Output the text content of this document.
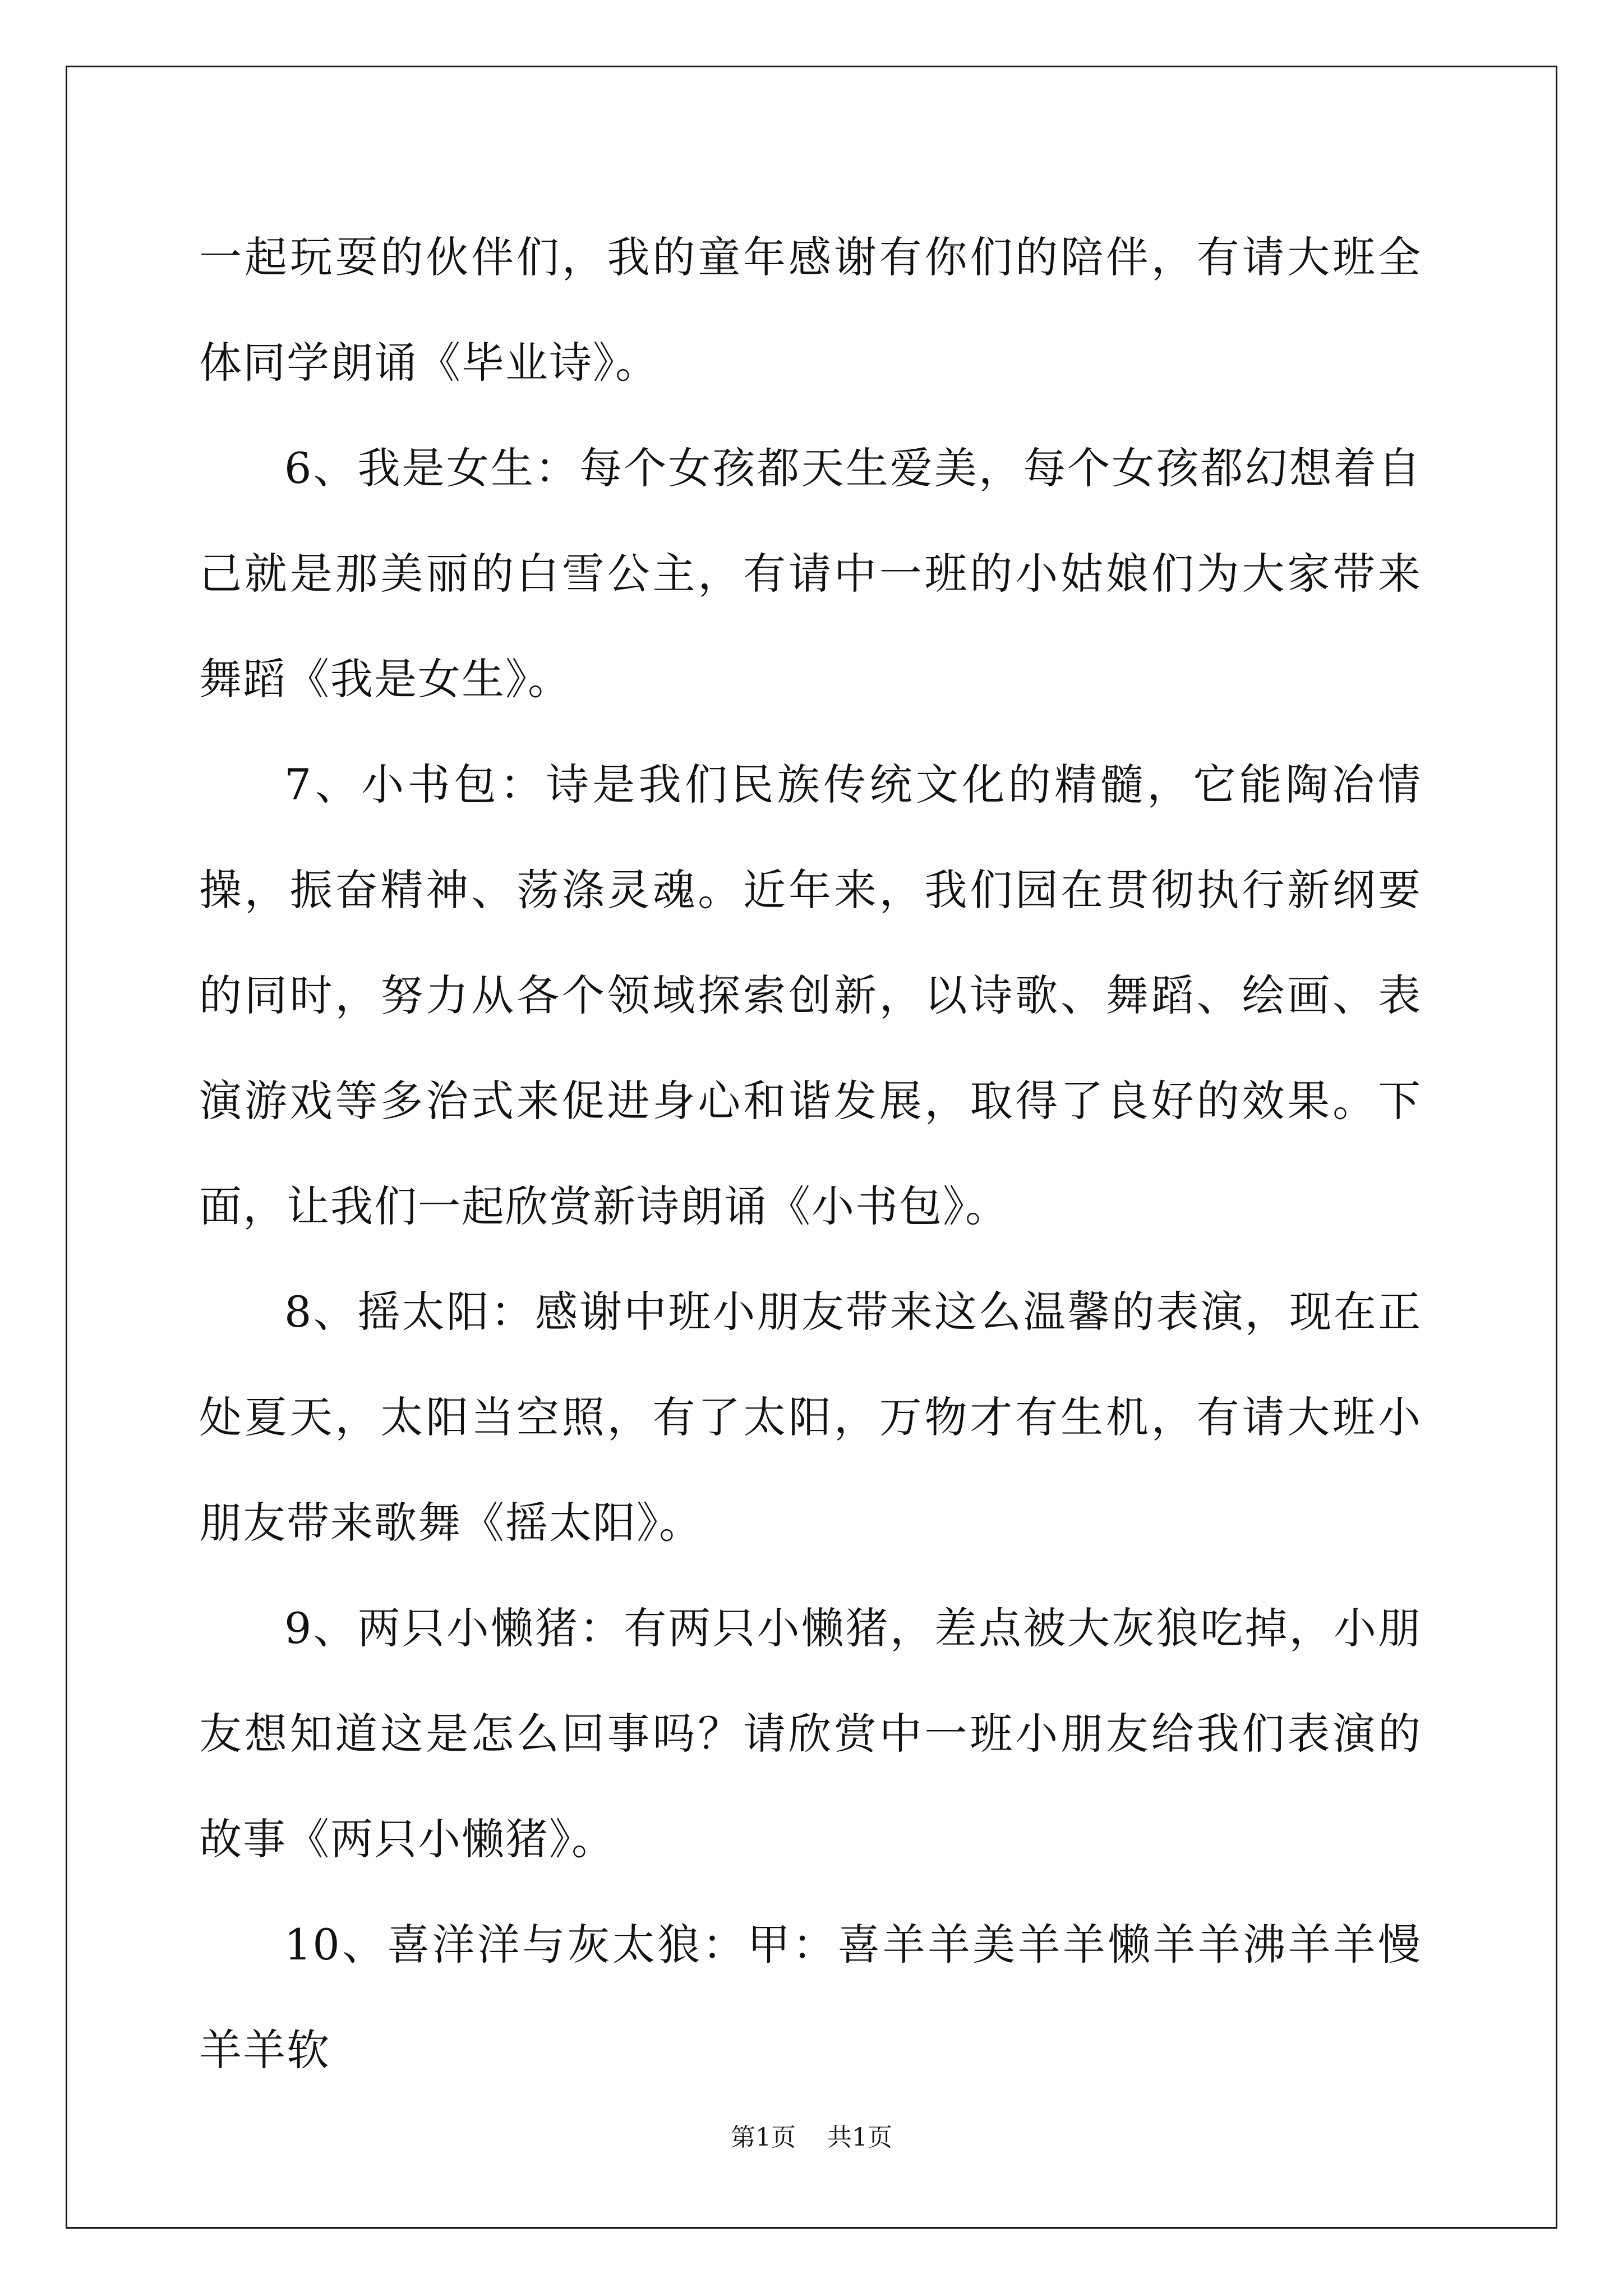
一起玩耍的伙伴们，我的童年感谢有你们的陪伴，有请大班全体同学朗诵《毕业诗》。

6、我是女生：每个女孩都天生爱美，每个女孩都幻想着自己就是那美丽的白雪公主，有请中一班的小姑娘们为大家带来舞蹈《我是女生》。

7、小书包：诗是我们民族传统文化的精髓，它能陶冶情操，振奋精神、荡涤灵魂。近年来，我们园在贯彻执行新纲要的同时，努力从各个领域探索创新，以诗歌、舞蹈、绘画、表演游戏等多治式来促进身心和谐发展，取得了良好的效果。下面，让我们一起欣赏新诗朗诵《小书包》。

8、摇太阳：感谢中班小朋友带来这么温馨的表演，现在正处夏天，太阳当空照，有了太阳，万物才有生机，有请大班小朋友带来歌舞《摇太阳》。

9、两只小懒猪：有两只小懒猪，差点被大灰狼吃掉，小朋友想知道这是怎么回事吗？请欣赏中一班小朋友给我们表演的故事《两只小懒猪》。

10、喜洋洋与灰太狼：甲：喜羊羊美羊羊懒羊羊沸羊羊慢羊羊软

第1页 共1页
